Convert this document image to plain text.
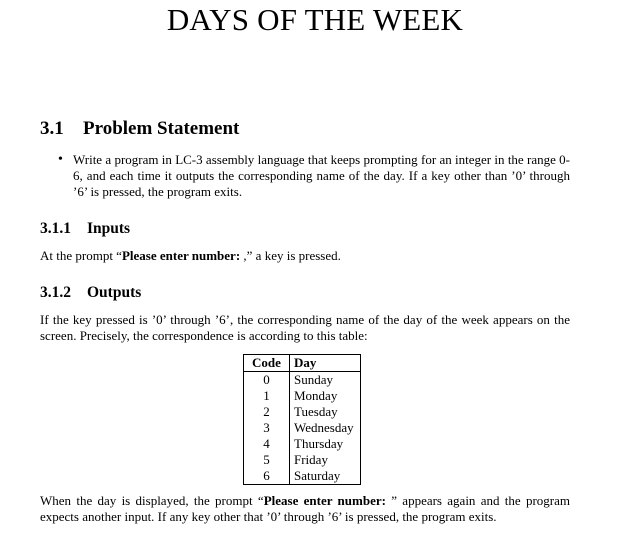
DAYS OF THE WEEK
3.1 Problem Statement
• Write a program in LC-3 assembly language that keeps prompting for an integer in the range 0-6, and each time it outputs the corresponding name of the day. If a key other than ’0’ through ’6’ is pressed, the program exits.
3.1.1 Inputs
At the prompt “Please enter number: ,” a key is pressed.
3.1.2 Outputs
If the key pressed is ’0’ through ’6’, the corresponding name of the day of the week appears on the screen. Precisely, the correspondence is according to this table:
Code	Day
0	Sunday
1	Monday
2	Tuesday
3	Wednesday
4	Thursday
5	Friday
6	Saturday
When the day is displayed, the prompt “Please enter number: ” appears again and the program expects another input. If any key other that ’0’ through ’6’ is pressed, the program exits.
